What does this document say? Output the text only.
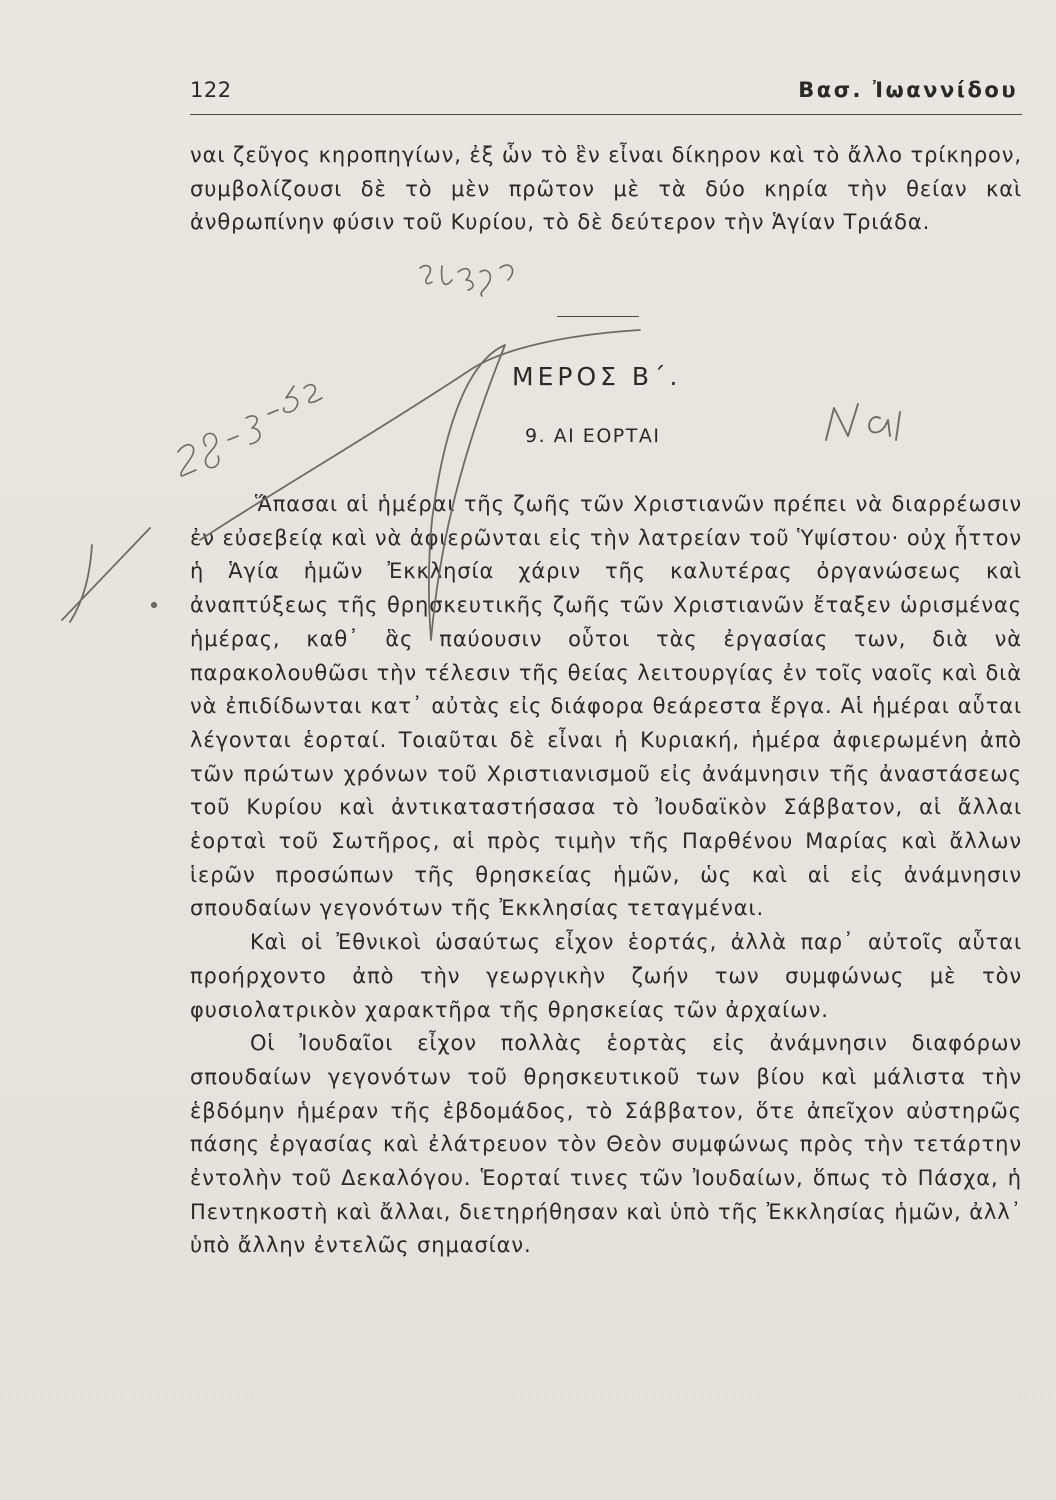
122	Βασ. Ἰωαννίδου

ναι ζεῦγος κηροπηγίων, ἐξ ὧν τὸ ἓν εἶναι δίκηρον καὶ τὸ ἄλλο τρίκηρον, συμβολίζουσι δὲ τὸ μὲν πρῶτον μὲ τὰ δύο κηρία τὴν θείαν καὶ ἀνθρωπίνην φύσιν τοῦ Κυρίου, τὸ δὲ δεύτερον τὴν Ἁγίαν Τριάδα.

ΜΕΡΟΣ Β΄.
9. ΑΙ ΕΟΡΤΑΙ

Ἅπασαι αἱ ἡμέραι τῆς ζωῆς τῶν Χριστιανῶν πρέπει νὰ διαρρέωσιν ἐν εὐσεβείᾳ καὶ νὰ ἀφιερῶνται εἰς τὴν λατρείαν τοῦ Ὑψίστου· οὐχ ἧττον ἡ Ἁγία ἡμῶν Ἐκκλησία χάριν τῆς καλυτέρας ὀργανώσεως καὶ ἀναπτύξεως τῆς θρησκευτικῆς ζωῆς τῶν Χριστιανῶν ἔταξεν ὡρισμένας ἡμέρας, καθ᾽ ἃς παύουσιν οὗτοι τὰς ἐργασίας των, διὰ νὰ παρακολουθῶσι τὴν τέλεσιν τῆς θείας λειτουργίας ἐν τοῖς ναοῖς καὶ διὰ νὰ ἐπιδίδωνται κατ᾽ αὐτὰς εἰς διάφορα θεάρεστα ἔργα. Αἱ ἡμέραι αὗται λέγονται ἑορταί. Τοιαῦται δὲ εἶναι ἡ Κυριακή, ἡμέρα ἀφιερωμένη ἀπὸ τῶν πρώτων χρόνων τοῦ Χριστιανισμοῦ εἰς ἀνάμνησιν τῆς ἀναστάσεως τοῦ Κυρίου καὶ ἀντικαταστήσασα τὸ Ἰουδαϊκὸν Σάββατον, αἱ ἄλλαι ἑορταὶ τοῦ Σωτῆρος, αἱ πρὸς τιμὴν τῆς Παρθένου Μαρίας καὶ ἄλλων ἱερῶν προσώπων τῆς θρησκείας ἡμῶν, ὡς καὶ αἱ εἰς ἀνάμνησιν σπουδαίων γεγονότων τῆς Ἐκκλησίας τεταγμέναι.

Καὶ οἱ Ἐθνικοὶ ὡσαύτως εἶχον ἑορτάς, ἀλλὰ παρ᾽ αὐτοῖς αὗται προήρχοντο ἀπὸ τὴν γεωργικὴν ζωήν των συμφώνως μὲ τὸν φυσιολατρικὸν χαρακτῆρα τῆς θρησκείας τῶν ἀρχαίων.

Οἱ Ἰουδαῖοι εἶχον πολλὰς ἑορτὰς εἰς ἀνάμνησιν διαφόρων σπουδαίων γεγονότων τοῦ θρησκευτικοῦ των βίου καὶ μάλιστα τὴν ἑβδόμην ἡμέραν τῆς ἑβδομάδος, τὸ Σάββατον, ὅτε ἀπεῖχον αὐστηρῶς πάσης ἐργασίας καὶ ἐλάτρευον τὸν Θεὸν συμφώνως πρὸς τὴν τετάρτην ἐντολὴν τοῦ Δεκαλόγου. Ἑορταί τινες τῶν Ἰουδαίων, ὅπως τὸ Πάσχα, ἡ Πεντηκοστὴ καὶ ἄλλαι, διετηρήθησαν καὶ ὑπὸ τῆς Ἐκκλησίας ἡμῶν, ἀλλ᾽ ὑπὸ ἄλλην ἐντελῶς σημασίαν.
